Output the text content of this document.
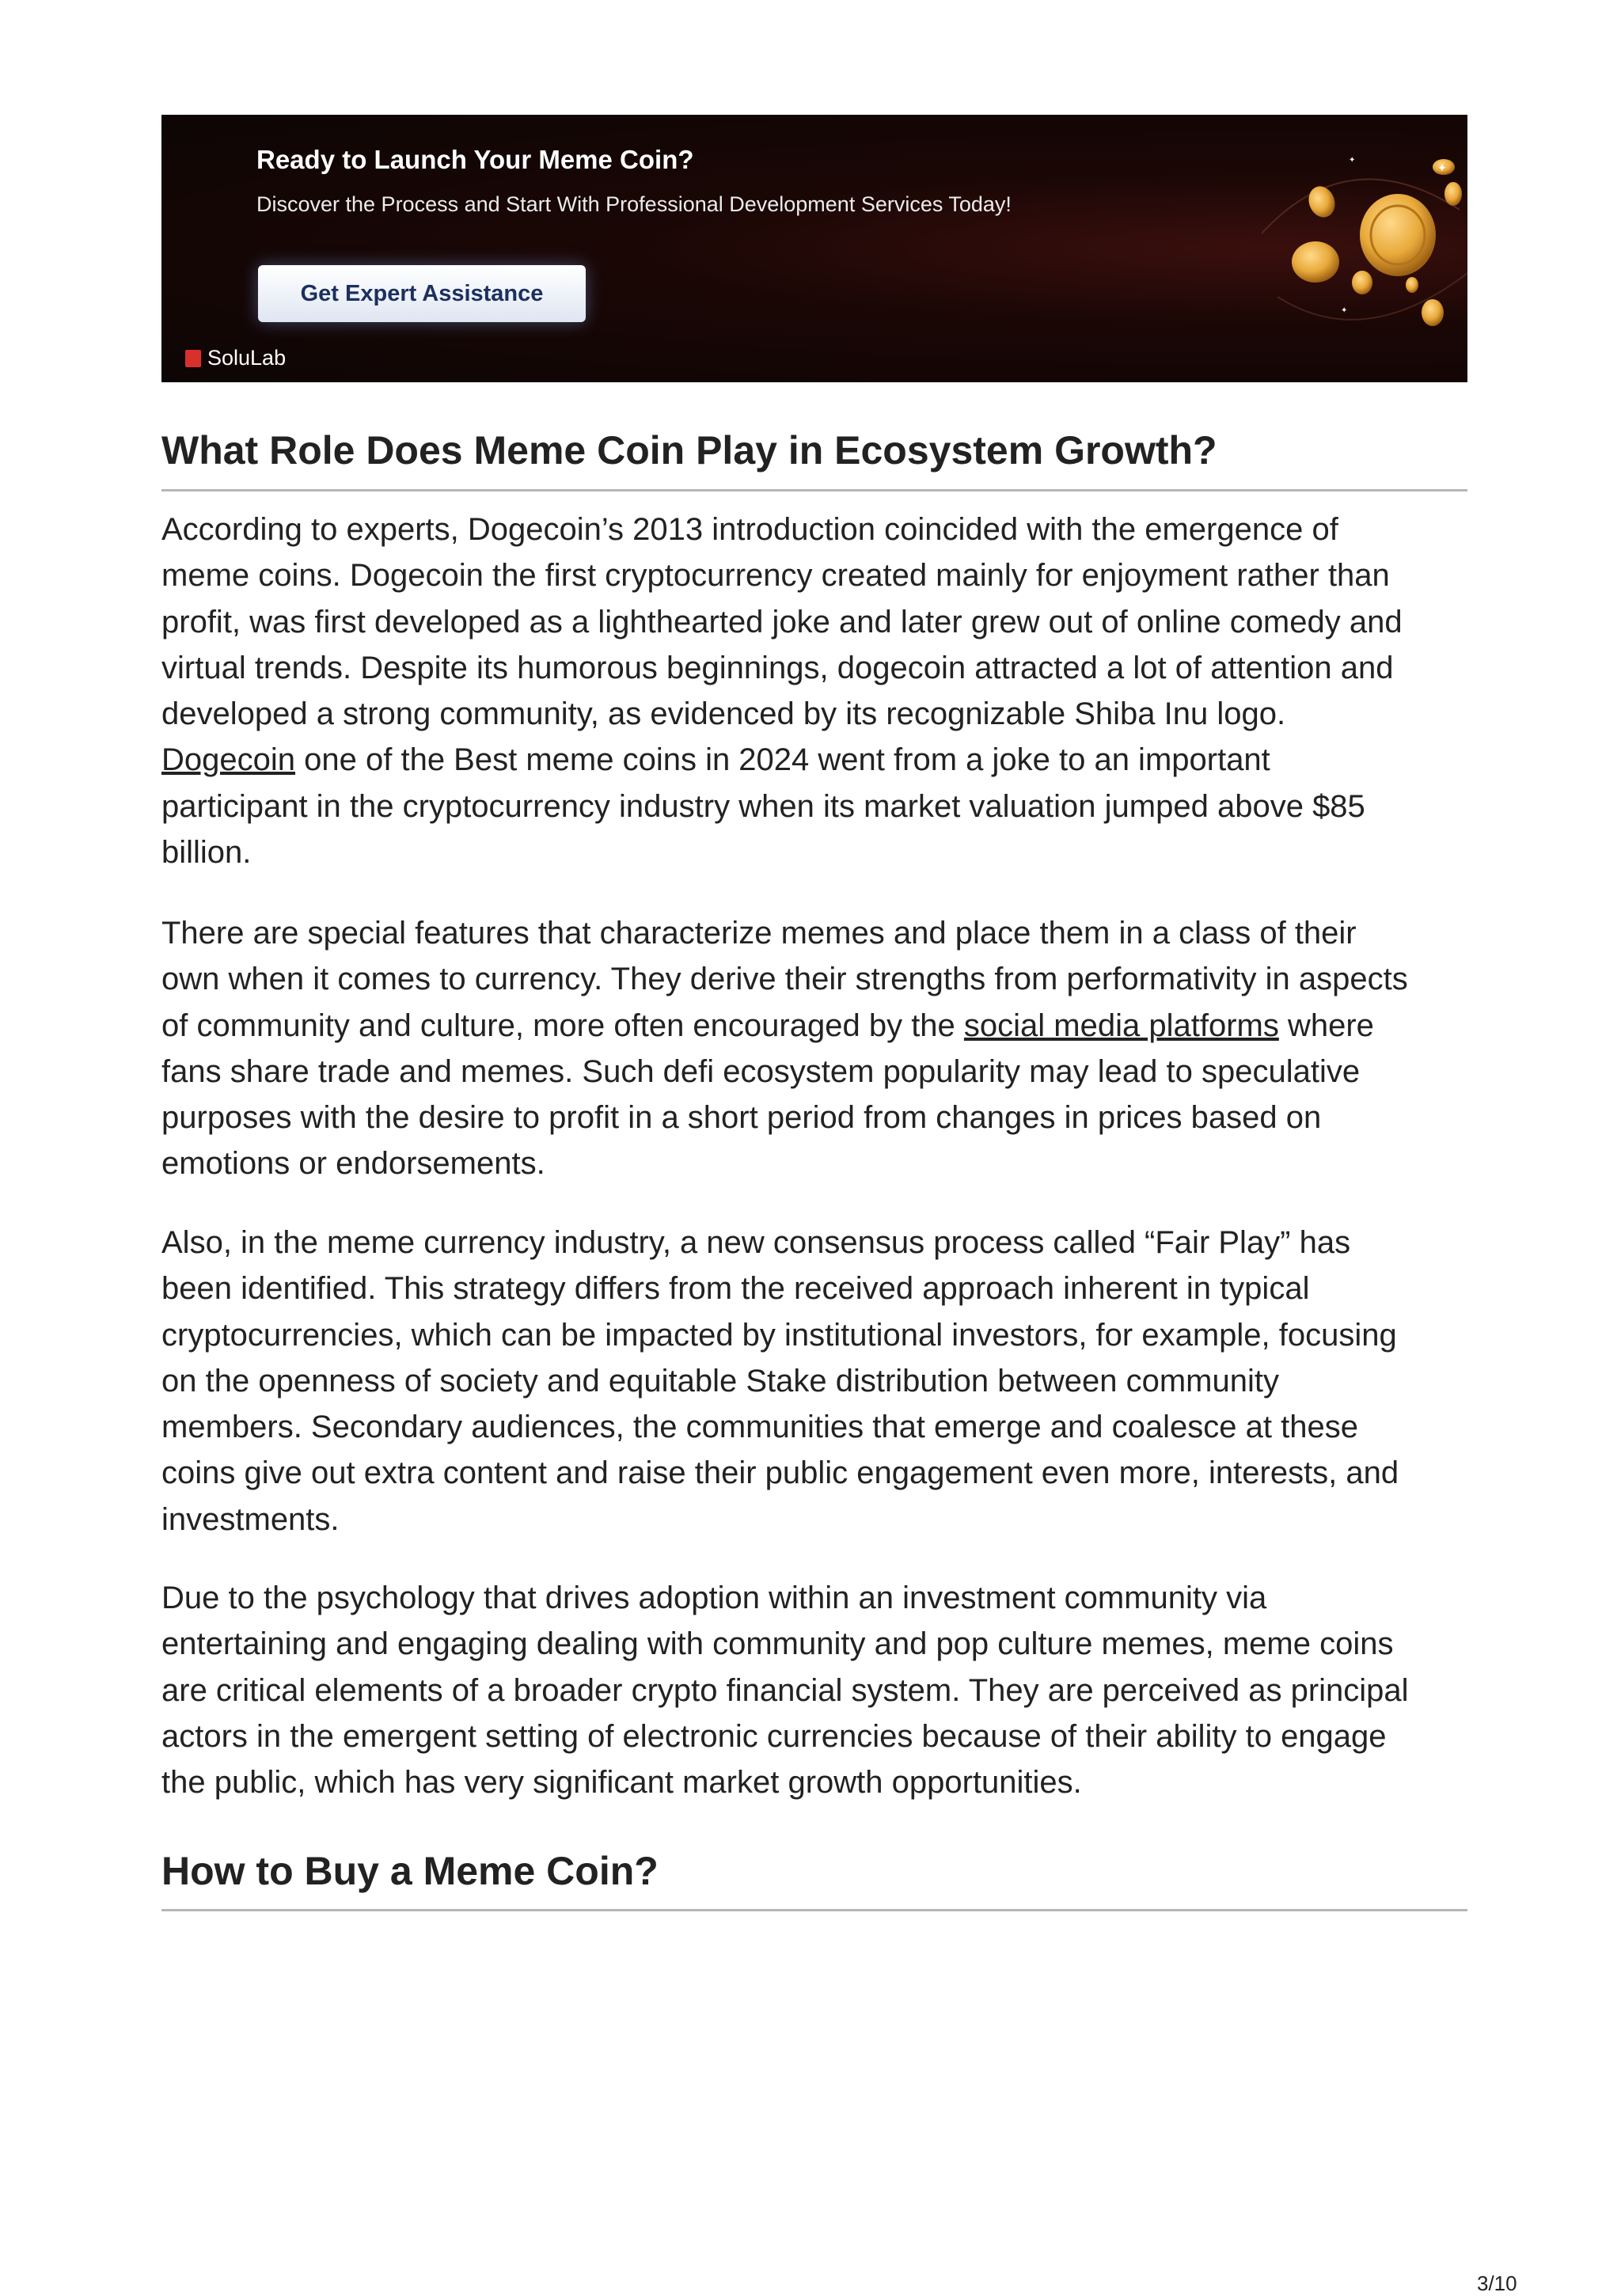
Ready to Launch Your Meme Coin?
Discover the Process and Start With Professional Development Services Today!
Get Expert Assistance
SoluLab
✦
✦
✦
What Role Does Meme Coin Play in Ecosystem Growth?

According to experts, Dogecoin’s 2013 introduction coincided with the emergence of
meme coins. Dogecoin the first cryptocurrency created mainly for enjoyment rather than
profit, was first developed as a lighthearted joke and later grew out of online comedy and
virtual trends. Despite its humorous beginnings, dogecoin attracted a lot of attention and
developed a strong community, as evidenced by its recognizable Shiba Inu logo.
Dogecoin one of the Best meme coins in 2024 went from a joke to an important
participant in the cryptocurrency industry when its market valuation jumped above $85
billion.

There are special features that characterize memes and place them in a class of their
own when it comes to currency. They derive their strengths from performativity in aspects
of community and culture, more often encouraged by the social media platforms where
fans share trade and memes. Such defi ecosystem popularity may lead to speculative
purposes with the desire to profit in a short period from changes in prices based on
emotions or endorsements.

Also, in the meme currency industry, a new consensus process called “Fair Play” has
been identified. This strategy differs from the received approach inherent in typical
cryptocurrencies, which can be impacted by institutional investors, for example, focusing
on the openness of society and equitable Stake distribution between community
members. Secondary audiences, the communities that emerge and coalesce at these
coins give out extra content and raise their public engagement even more, interests, and
investments.

Due to the psychology that drives adoption within an investment community via
entertaining and engaging dealing with community and pop culture memes, meme coins
are critical elements of a broader crypto financial system. They are perceived as principal
actors in the emergent setting of electronic currencies because of their ability to engage
the public, which has very significant market growth opportunities.

How to Buy a Meme Coin?
3/10
